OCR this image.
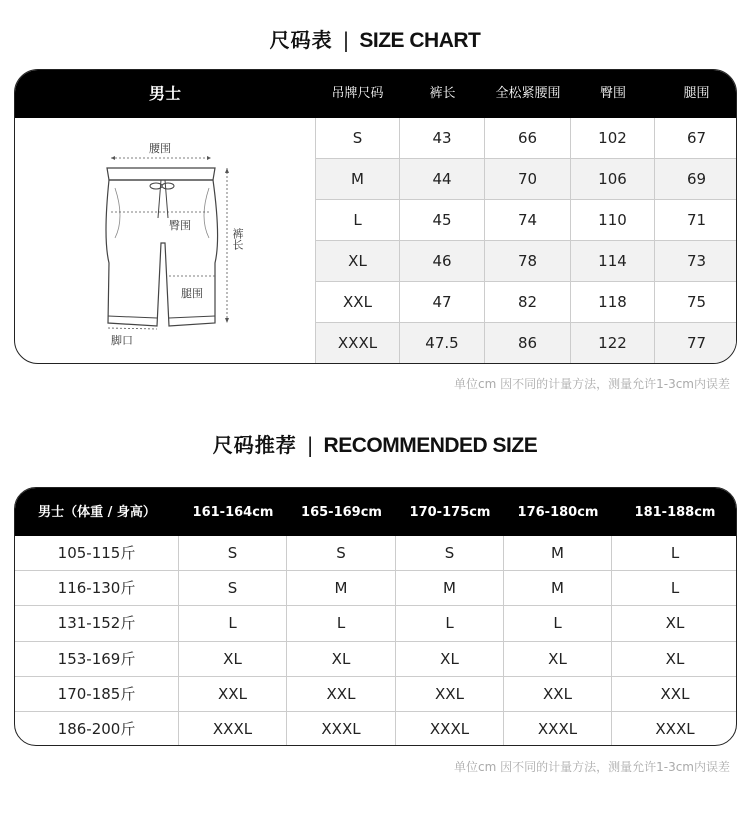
尺码表 | SIZE CHART
男士	吊牌尺码	裤长	全松紧腰围	臀围	腿围
腰围
臀围
裤长
腿围
脚口
S	43	66	102	67
M	44	70	106	69
L	45	74	110	71
XL	46	78	114	73
XXL	47	82	118	75
XXXL	47.5	86	122	77
单位cm 因不同的计量方法，测量允许1-3cm内误差
尺码推荐 | RECOMMENDED SIZE
男士（体重 / 身高）	161-164cm	165-169cm	170-175cm	176-180cm	181-188cm
105-115斤	S	S	S	M	L
116-130斤	S	M	M	M	L
131-152斤	L	L	L	L	XL
153-169斤	XL	XL	XL	XL	XL
170-185斤	XXL	XXL	XXL	XXL	XXL
186-200斤	XXXL	XXXL	XXXL	XXXL	XXXL
单位cm 因不同的计量方法，测量允许1-3cm内误差
